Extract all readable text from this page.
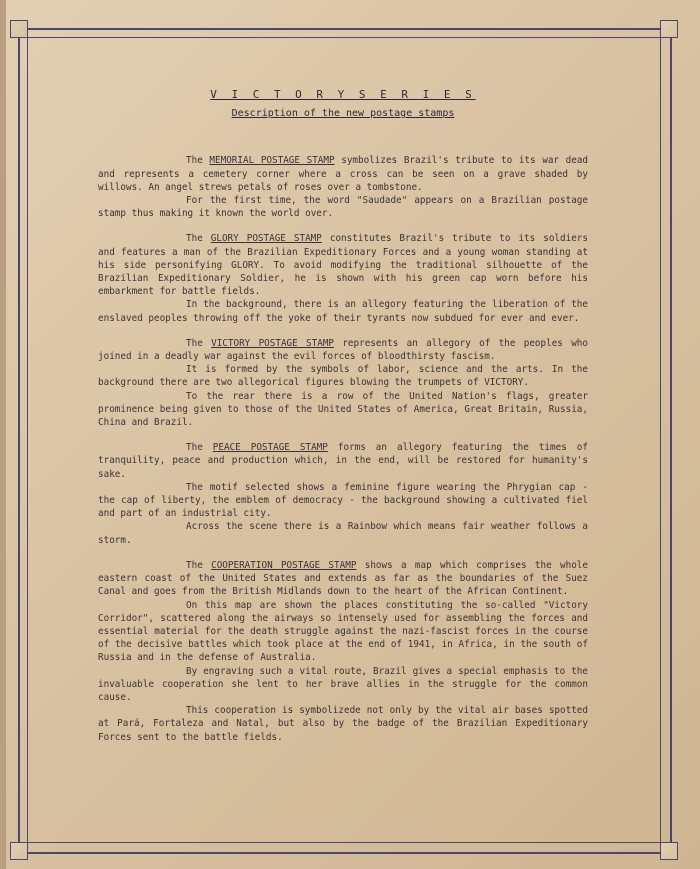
V I C T O R Y S E R I E S
Description of the new postage stamps

The MEMORIAL POSTAGE STAMP symbolizes Brazil's tribute to its war dead and represents a cemetery corner where a cross can be seen on a grave shaded by willows. An angel strews petals of roses over a tombstone.

For the first time, the word "Saudade" appears on a Brazilian postage stamp thus making it known the world over.

The GLORY POSTAGE STAMP constitutes Brazil's tribute to its soldiers and features a man of the Brazilian Expeditionary Forces and a young woman standing at his side personifying GLORY. To avoid modifying the traditional silhouette of the Brazilian Expeditionary Soldier, he is shown with his green cap worn before his embarkment for battle fields.

In the background, there is an allegory featuring the liberation of the enslaved peoples throwing off the yoke of their tyrants now subdued for ever and ever.

The VICTORY POSTAGE STAMP represents an allegory of the peoples who joined in a deadly war against the evil forces of bloodthirsty fascism.

It is formed by the symbols of labor, science and the arts. In the background there are two allegorical figures blowing the trumpets of VICTORY.

To the rear there is a row of the United Nation's flags, greater prominence being given to those of the United States of America, Great Britain, Russia, China and Brazil.

The PEACE POSTAGE STAMP forms an allegory featuring the times of tranquility, peace and production which, in the end, will be restored for humanity's sake.

The motif selected shows a feminine figure wearing the Phrygian cap - the cap of liberty, the emblem of democracy - the background showing a cultivated fiel and part of an industrial city.

Across the scene there is a Rainbow which means fair weather follows a storm.

The COOPERATION POSTAGE STAMP shows a map which comprises the whole eastern coast of the United States and extends as far as the boundaries of the Suez Canal and goes from the British Midlands down to the heart of the African Continent.

On this map are shown the places constituting the so-called "Victory Corridor", scattered along the airways so intensely used for assembling the forces and essential material for the death struggle against the nazi-fascist forces in the course of the decisive battles which took place at the end of 1941, in Africa, in the south of Russia and in the defense of Australia.

By engraving such a vital route, Brazil gives a special emphasis to the invaluable cooperation she lent to her brave allies in the struggle for the common cause.

This cooperation is symbolizede not only by the vital air bases spotted at Pará, Fortaleza and Natal, but also by the badge of the Brazilian Expeditionary Forces sent to the battle fields.
